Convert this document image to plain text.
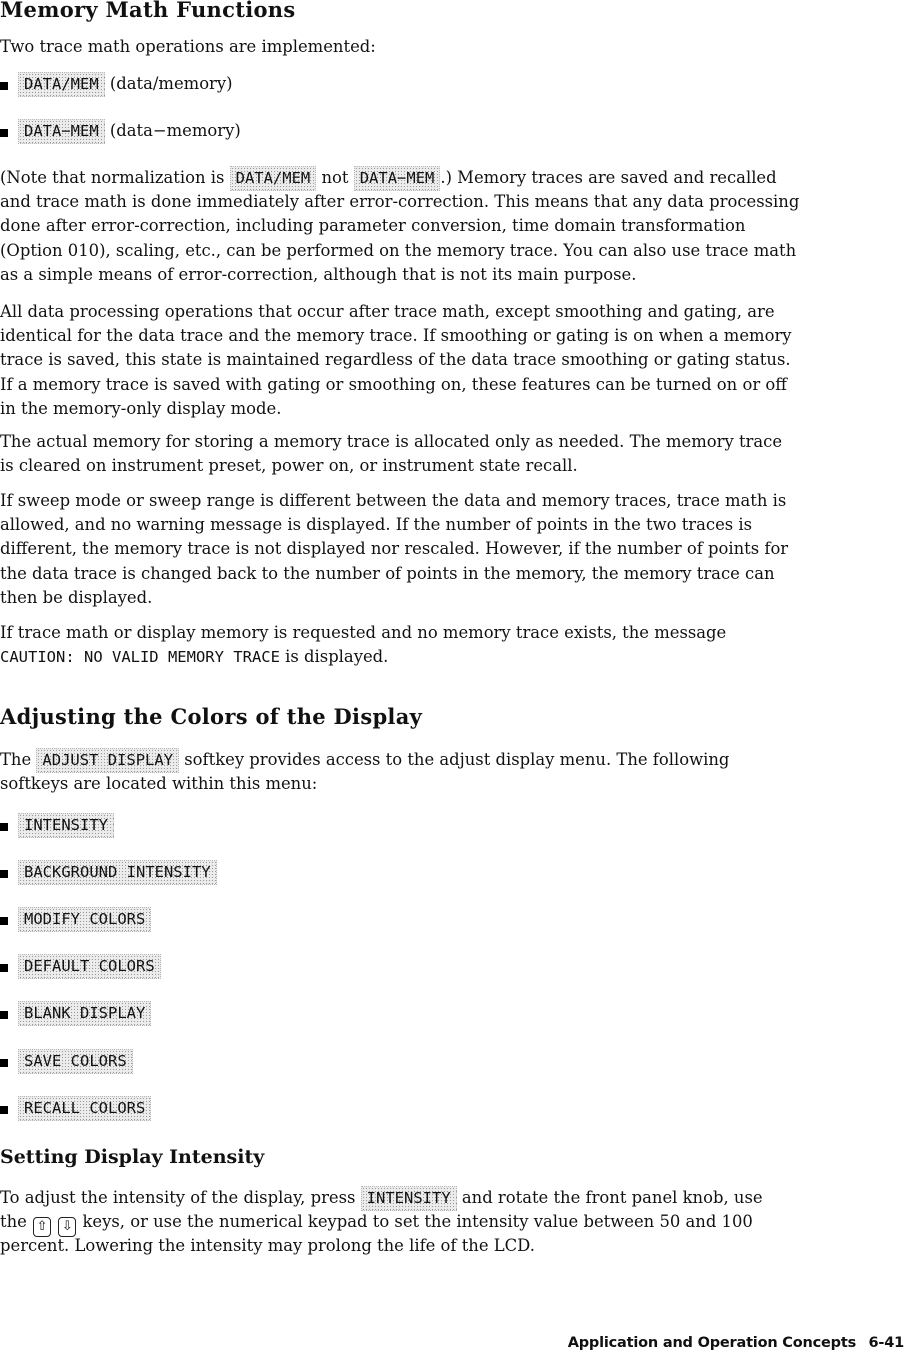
Memory Math Functions
Two trace math operations are implemented:
DATA/MEM (data/memory)
DATA−MEM (data−memory)
(Note that normalization is DATA/MEM not DATA−MEM .) Memory traces are saved and recalled
and trace math is done immediately after error-correction. This means that any data processing
done after error-correction, including parameter conversion, time domain transformation
(Option 010), scaling, etc., can be performed on the memory trace. You can also use trace math
as a simple means of error-correction, although that is not its main purpose.
All data processing operations that occur after trace math, except smoothing and gating, are
identical for the data trace and the memory trace. If smoothing or gating is on when a memory
trace is saved, this state is maintained regardless of the data trace smoothing or gating status.
If a memory trace is saved with gating or smoothing on, these features can be turned on or off
in the memory-only display mode.
The actual memory for storing a memory trace is allocated only as needed. The memory trace
is cleared on instrument preset, power on, or instrument state recall.
If sweep mode or sweep range is different between the data and memory traces, trace math is
allowed, and no warning message is displayed. If the number of points in the two traces is
different, the memory trace is not displayed nor rescaled. However, if the number of points for
the data trace is changed back to the number of points in the memory, the memory trace can
then be displayed.
If trace math or display memory is requested and no memory trace exists, the message
CAUTION: NO VALID MEMORY TRACE is displayed.
Adjusting the Colors of the Display
The ADJUST DISPLAY softkey provides access to the adjust display menu. The following
softkeys are located within this menu:
INTENSITY
BACKGROUND INTENSITY
MODIFY COLORS
DEFAULT COLORS
BLANK DISPLAY
SAVE COLORS
RECALL COLORS
Setting Display Intensity
To adjust the intensity of the display, press INTENSITY and rotate the front panel knob, use
the ⇧ ⇩ keys, or use the numerical keypad to set the intensity value between 50 and 100
percent. Lowering the intensity may prolong the life of the LCD.
Application and Operation Concepts 6-41
